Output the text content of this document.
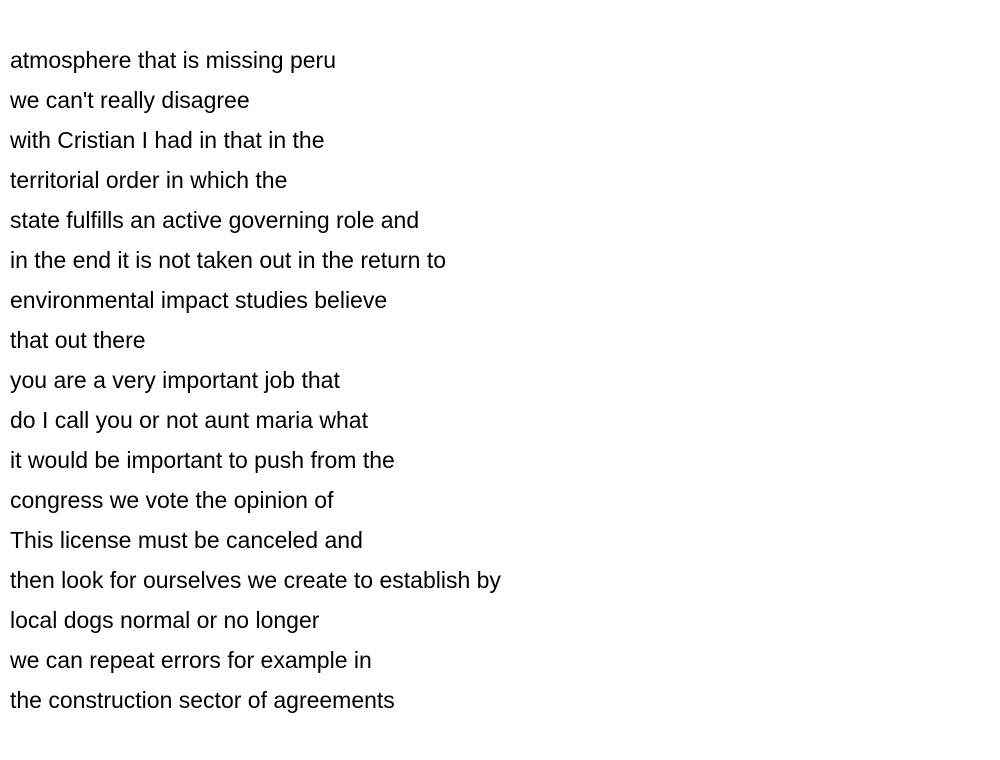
atmosphere that is missing peru
we can't really disagree
with Cristian I had in that in the
territorial order in which the
state fulfills an active governing role and
in the end it is not taken out in the return to
environmental impact studies believe
that out there
you are a very important job that
do I call you or not aunt maria what
it would be important to push from the
congress we vote the opinion of
This license must be canceled and
then look for ourselves we create to establish by
local dogs normal or no longer
we can repeat errors for example in
the construction sector of agreements
